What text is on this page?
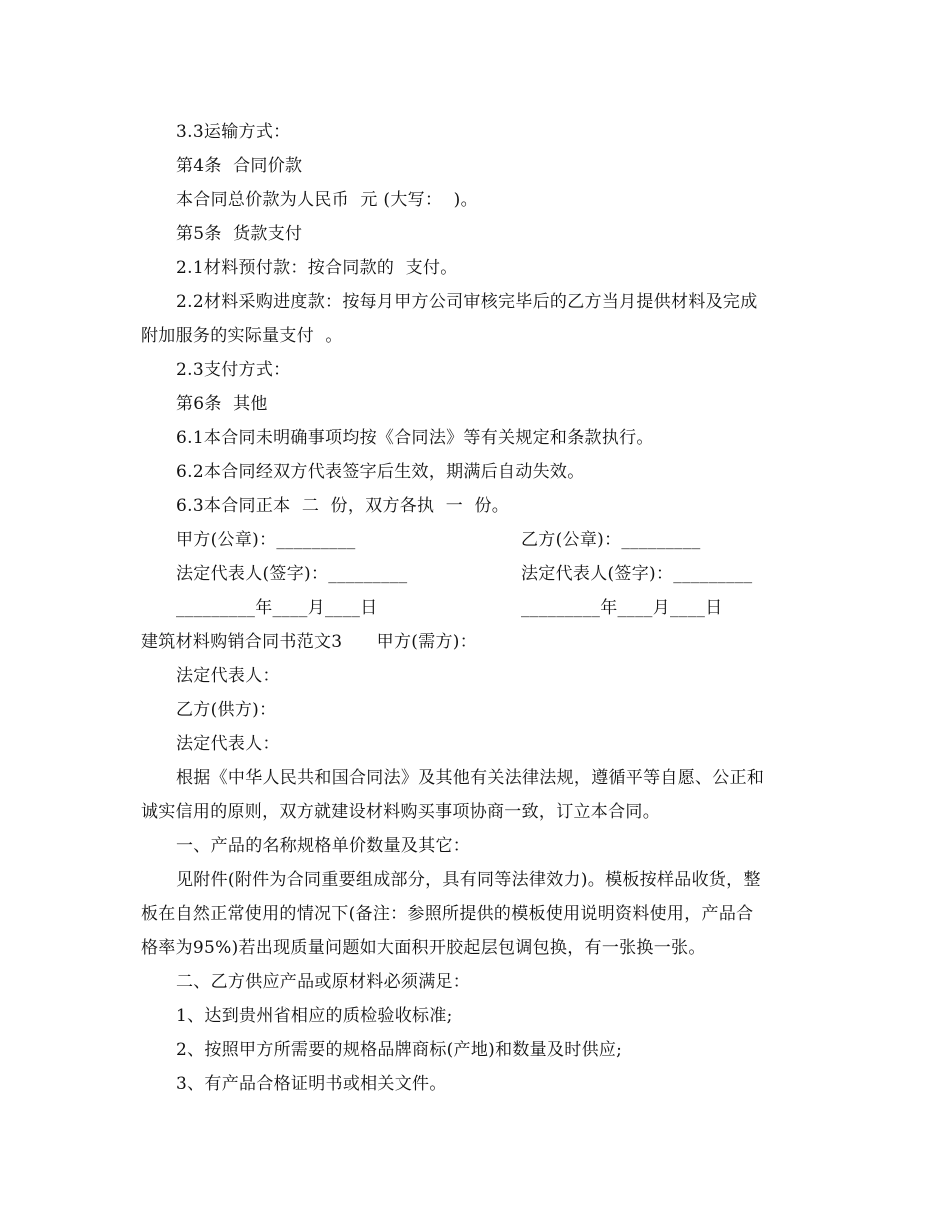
3.3运输方式：
第4条  合同价款
本合同总价款为人民币  元 (大写：  )。
第5条  货款支付
2.1材料预付款：按合同款的  支付。
2.2材料采购进度款：按每月甲方公司审核完毕后的乙方当月提供材料及完成
附加服务的实际量支付  。
2.3支付方式：
第6条  其他
6.1本合同未明确事项均按《合同法》等有关规定和条款执行。
6.2本合同经双方代表签字后生效，期满后自动失效。
6.3本合同正本  二  份，双方各执  一  份。
甲方(公章)：_________	乙方(公章)：_________
法定代表人(签字)：_________	法定代表人(签字)：_________
_________年____月____日	_________年____月____日
建筑材料购销合同书范文3      甲方(需方)：
法定代表人：
乙方(供方)：
法定代表人：
根据《中华人民共和国合同法》及其他有关法律法规，遵循平等自愿、公正和
诚实信用的原则，双方就建设材料购买事项协商一致，订立本合同。
一、产品的名称规格单价数量及其它：
见附件(附件为合同重要组成部分，具有同等法律效力)。模板按样品收货，整
板在自然正常使用的情况下(备注：参照所提供的模板使用说明资料使用，产品合
格率为95%)若出现质量问题如大面积开胶起层包调包换，有一张换一张。
二、乙方供应产品或原材料必须满足：
1、达到贵州省相应的质检验收标准;
2、按照甲方所需要的规格品牌商标(产地)和数量及时供应;
3、有产品合格证明书或相关文件。
